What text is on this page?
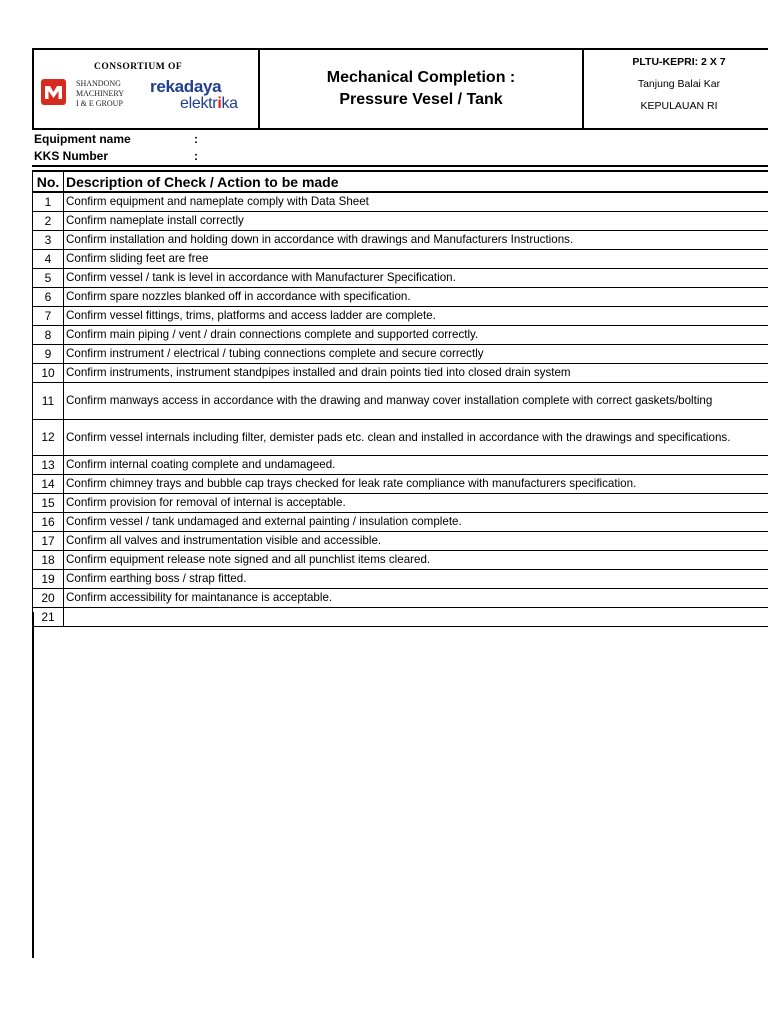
CONSORTIUM OF
SHANDONG
MACHINERY
I & E GROUP
rekadaya
elektrika
Mechanical Completion :
Pressure Vesel / Tank
PLTU-KEPRI: 2 X 7
Tanjung Balai Kar
KEPULAUAN RI
Equipment name	:
KKS Number	:
No.	Description of Check / Action to be made
1	Confirm equipment and nameplate comply with Data Sheet
2	Confirm nameplate install correctly
3	Confirm installation and holding down in accordance with drawings and Manufacturers Instructions.
4	Confirm sliding feet are free
5	Confirm vessel / tank is level in accordance with Manufacturer Specification.
6	Confirm spare nozzles blanked off in accordance with specification.
7	Confirm vessel fittings, trims, platforms and access ladder are complete.
8	Confirm main piping / vent / drain connections complete and supported correctly.
9	Confirm instrument / electrical / tubing connections complete and secure correctly
10	Confirm instruments, instrument standpipes installed and drain points tied into closed drain system
11	Confirm manways access in accordance with the drawing and manway cover installation complete with correct gaskets/bolting
12	Confirm vessel internals including filter, demister pads etc. clean and installed in accordance with the drawings and specifications.
13	Confirm internal coating complete and undamageed.
14	Confirm chimney trays and bubble cap trays checked for leak rate compliance with manufacturers specification.
15	Confirm provision for removal of internal is acceptable.
16	Confirm vessel / tank undamaged and external painting / insulation complete.
17	Confirm all valves and instrumentation visible and accessible.
18	Confirm equipment release note signed and all punchlist items cleared.
19	Confirm earthing boss / strap fitted.
20	Confirm accessibility for maintanance is acceptable.
21	
